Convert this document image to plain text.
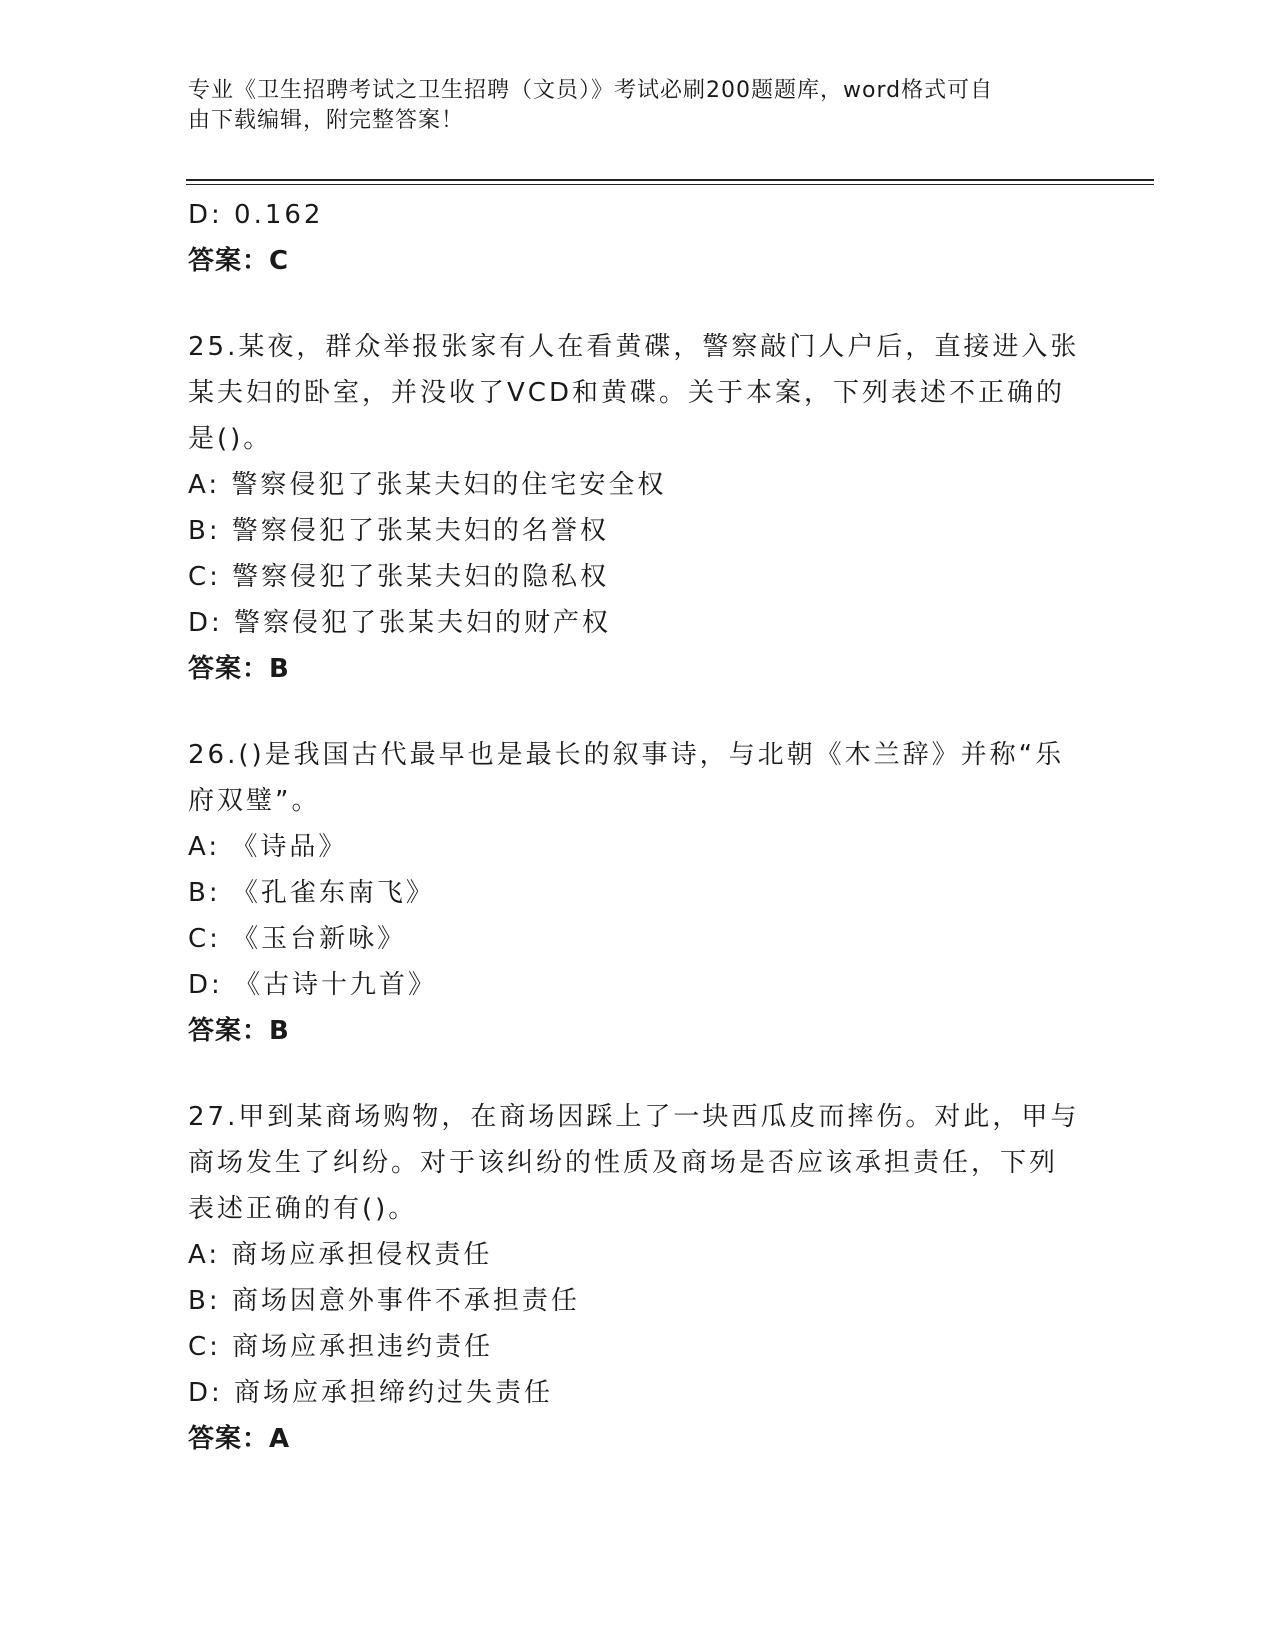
专业《卫生招聘考试之卫生招聘（文员）》考试必刷200题题库，word格式可自
由下载编辑，附完整答案！
D: 0.162
答案：C
25.某夜，群众举报张家有人在看黄碟，警察敲门人户后，直接进入张
某夫妇的卧室，并没收了VCD和黄碟。关于本案，下列表述不正确的
是()。
A: 警察侵犯了张某夫妇的住宅安全权
B: 警察侵犯了张某夫妇的名誉权
C: 警察侵犯了张某夫妇的隐私权
D: 警察侵犯了张某夫妇的财产权
答案：B
26.()是我国古代最早也是最长的叙事诗，与北朝《木兰辞》并称“乐
府双璧”。
A: 《诗品》
B: 《孔雀东南飞》
C: 《玉台新咏》
D: 《古诗十九首》
答案：B
27.甲到某商场购物，在商场因踩上了一块西瓜皮而摔伤。对此，甲与
商场发生了纠纷。对于该纠纷的性质及商场是否应该承担责任，下列
表述正确的有()。
A: 商场应承担侵权责任
B: 商场因意外事件不承担责任
C: 商场应承担违约责任
D: 商场应承担缔约过失责任
答案：A
